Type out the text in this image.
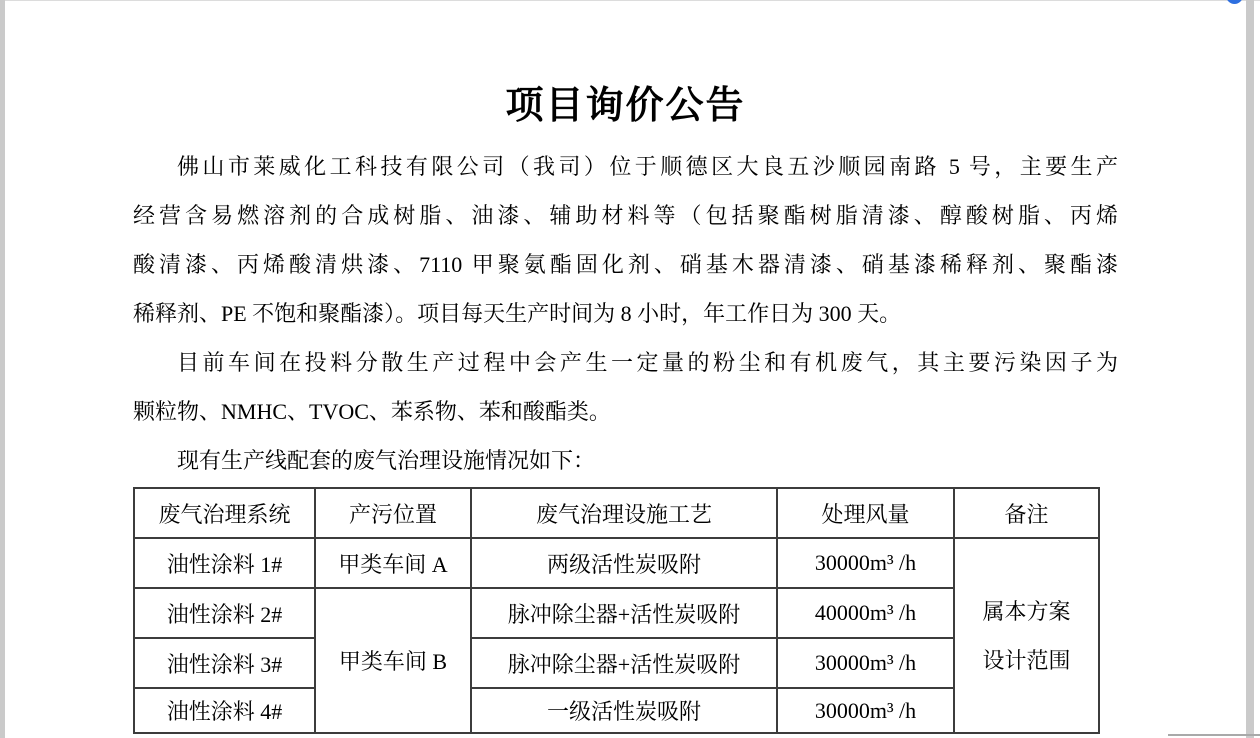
项目询价公告
佛山市莱威化工科技有限公司（我司）位于顺德区大良五沙顺园南路 5 号，主要生产
经营含易燃溶剂的合成树脂、油漆、辅助材料等（包括聚酯树脂清漆、醇酸树脂、丙烯
酸清漆、丙烯酸清烘漆、7110 甲聚氨酯固化剂、硝基木器清漆、硝基漆稀释剂、聚酯漆
稀释剂、PE 不饱和聚酯漆）。项目每天生产时间为 8 小时，年工作日为 300 天。
目前车间在投料分散生产过程中会产生一定量的粉尘和有机废气，其主要污染因子为
颗粒物、NMHC、TVOC、苯系物、苯和酸酯类。
现有生产线配套的废气治理设施情况如下：
废气治理系统	产污位置	废气治理设施工艺	处理风量	备注
油性涂料 1#	甲类车间 A	两级活性炭吸附	30000m³ /h	属本方案
设计范围

油性涂料 2#	甲类车间 B	脉冲除尘器+活性炭吸附	40000m³ /h	
油性涂料 3#		脉冲除尘器+活性炭吸附	30000m³ /h	
油性涂料 4#		一级活性炭吸附	30000m³ /h	
